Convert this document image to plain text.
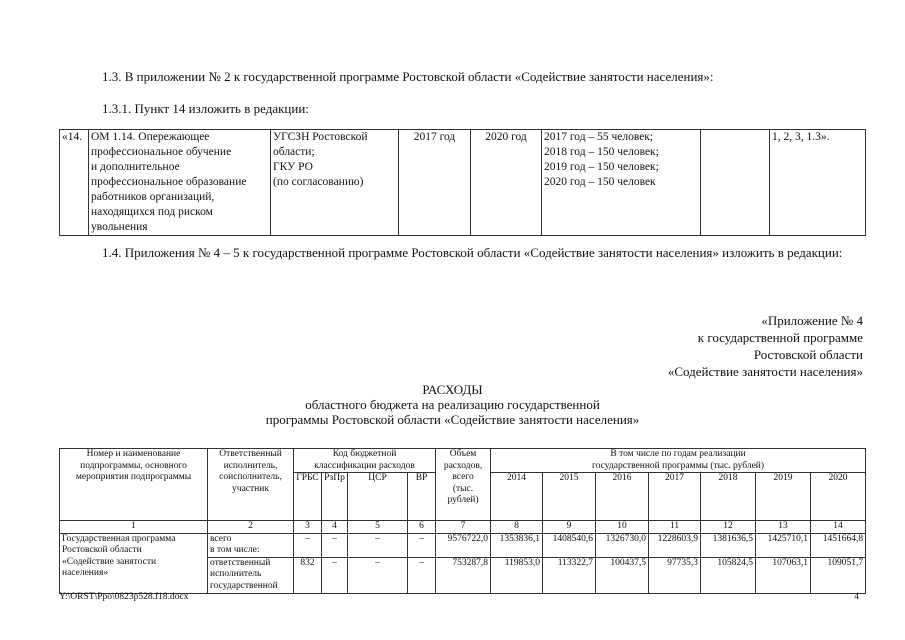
1.3. В приложении № 2 к государственной программе Ростовской области «Содействие занятости населения»:

1.3.1. Пункт 14 изложить в редакции:

«14.	ОМ 1.14. Опережающее
профессиональное обучение
и дополнительное
профессиональное образование
работников организаций,
находящихся под риском
увольнения	УГСЗН Ростовской
области;
ГКУ РО
(по согласованию)	2017 год	2020 год	2017 год – 55 человек;
2018 год – 150 человек;
2019 год – 150 человек;
2020 год – 150 человек		1, 2, 3, 1.3».

1.4. Приложения № 4 – 5 к государственной программе Ростовской области «Содействие занятости населения» изложить в редакции:

«Приложение № 4
к государственной программе
Ростовской области
«Содействие занятости населения»

РАСХОДЫ
областного бюджета на реализацию государственной
программы Ростовской области «Содействие занятости населения»

Номер и наименование
подпрограммы, основного
мероприятия подпрограммы	Ответственный
исполнитель,
соисполнитель,
участник	Код бюджетной
классификации расходов				Объем
расходов,
всего
(тыс.
рублей)	В том числе по годам реализации
государственной программы (тыс. рублей)						
		ГРБС	РзПр	ЦСР	ВР		2014	2015	2016	2017	2018	2019	2020
1	2	3	4	5	6	7	8	9	10	11	12	13	14
Государственная программа
Ростовской области
«Содействие занятости
населения»	всего
в том числе:	–	–	–	–	9576722,0	1353836,1	1408540,6	1326730,0	1228603,9	1381636,5	1425710,1	1451664,8
	ответственный
исполнитель
государственной	832	–	–	–	753287,8	119853,0	113322,7	100437,5	97735,3	105824,5	107063,1	109051,7
Y:\ORST\Ppo\0823p528.f18.docx	4
